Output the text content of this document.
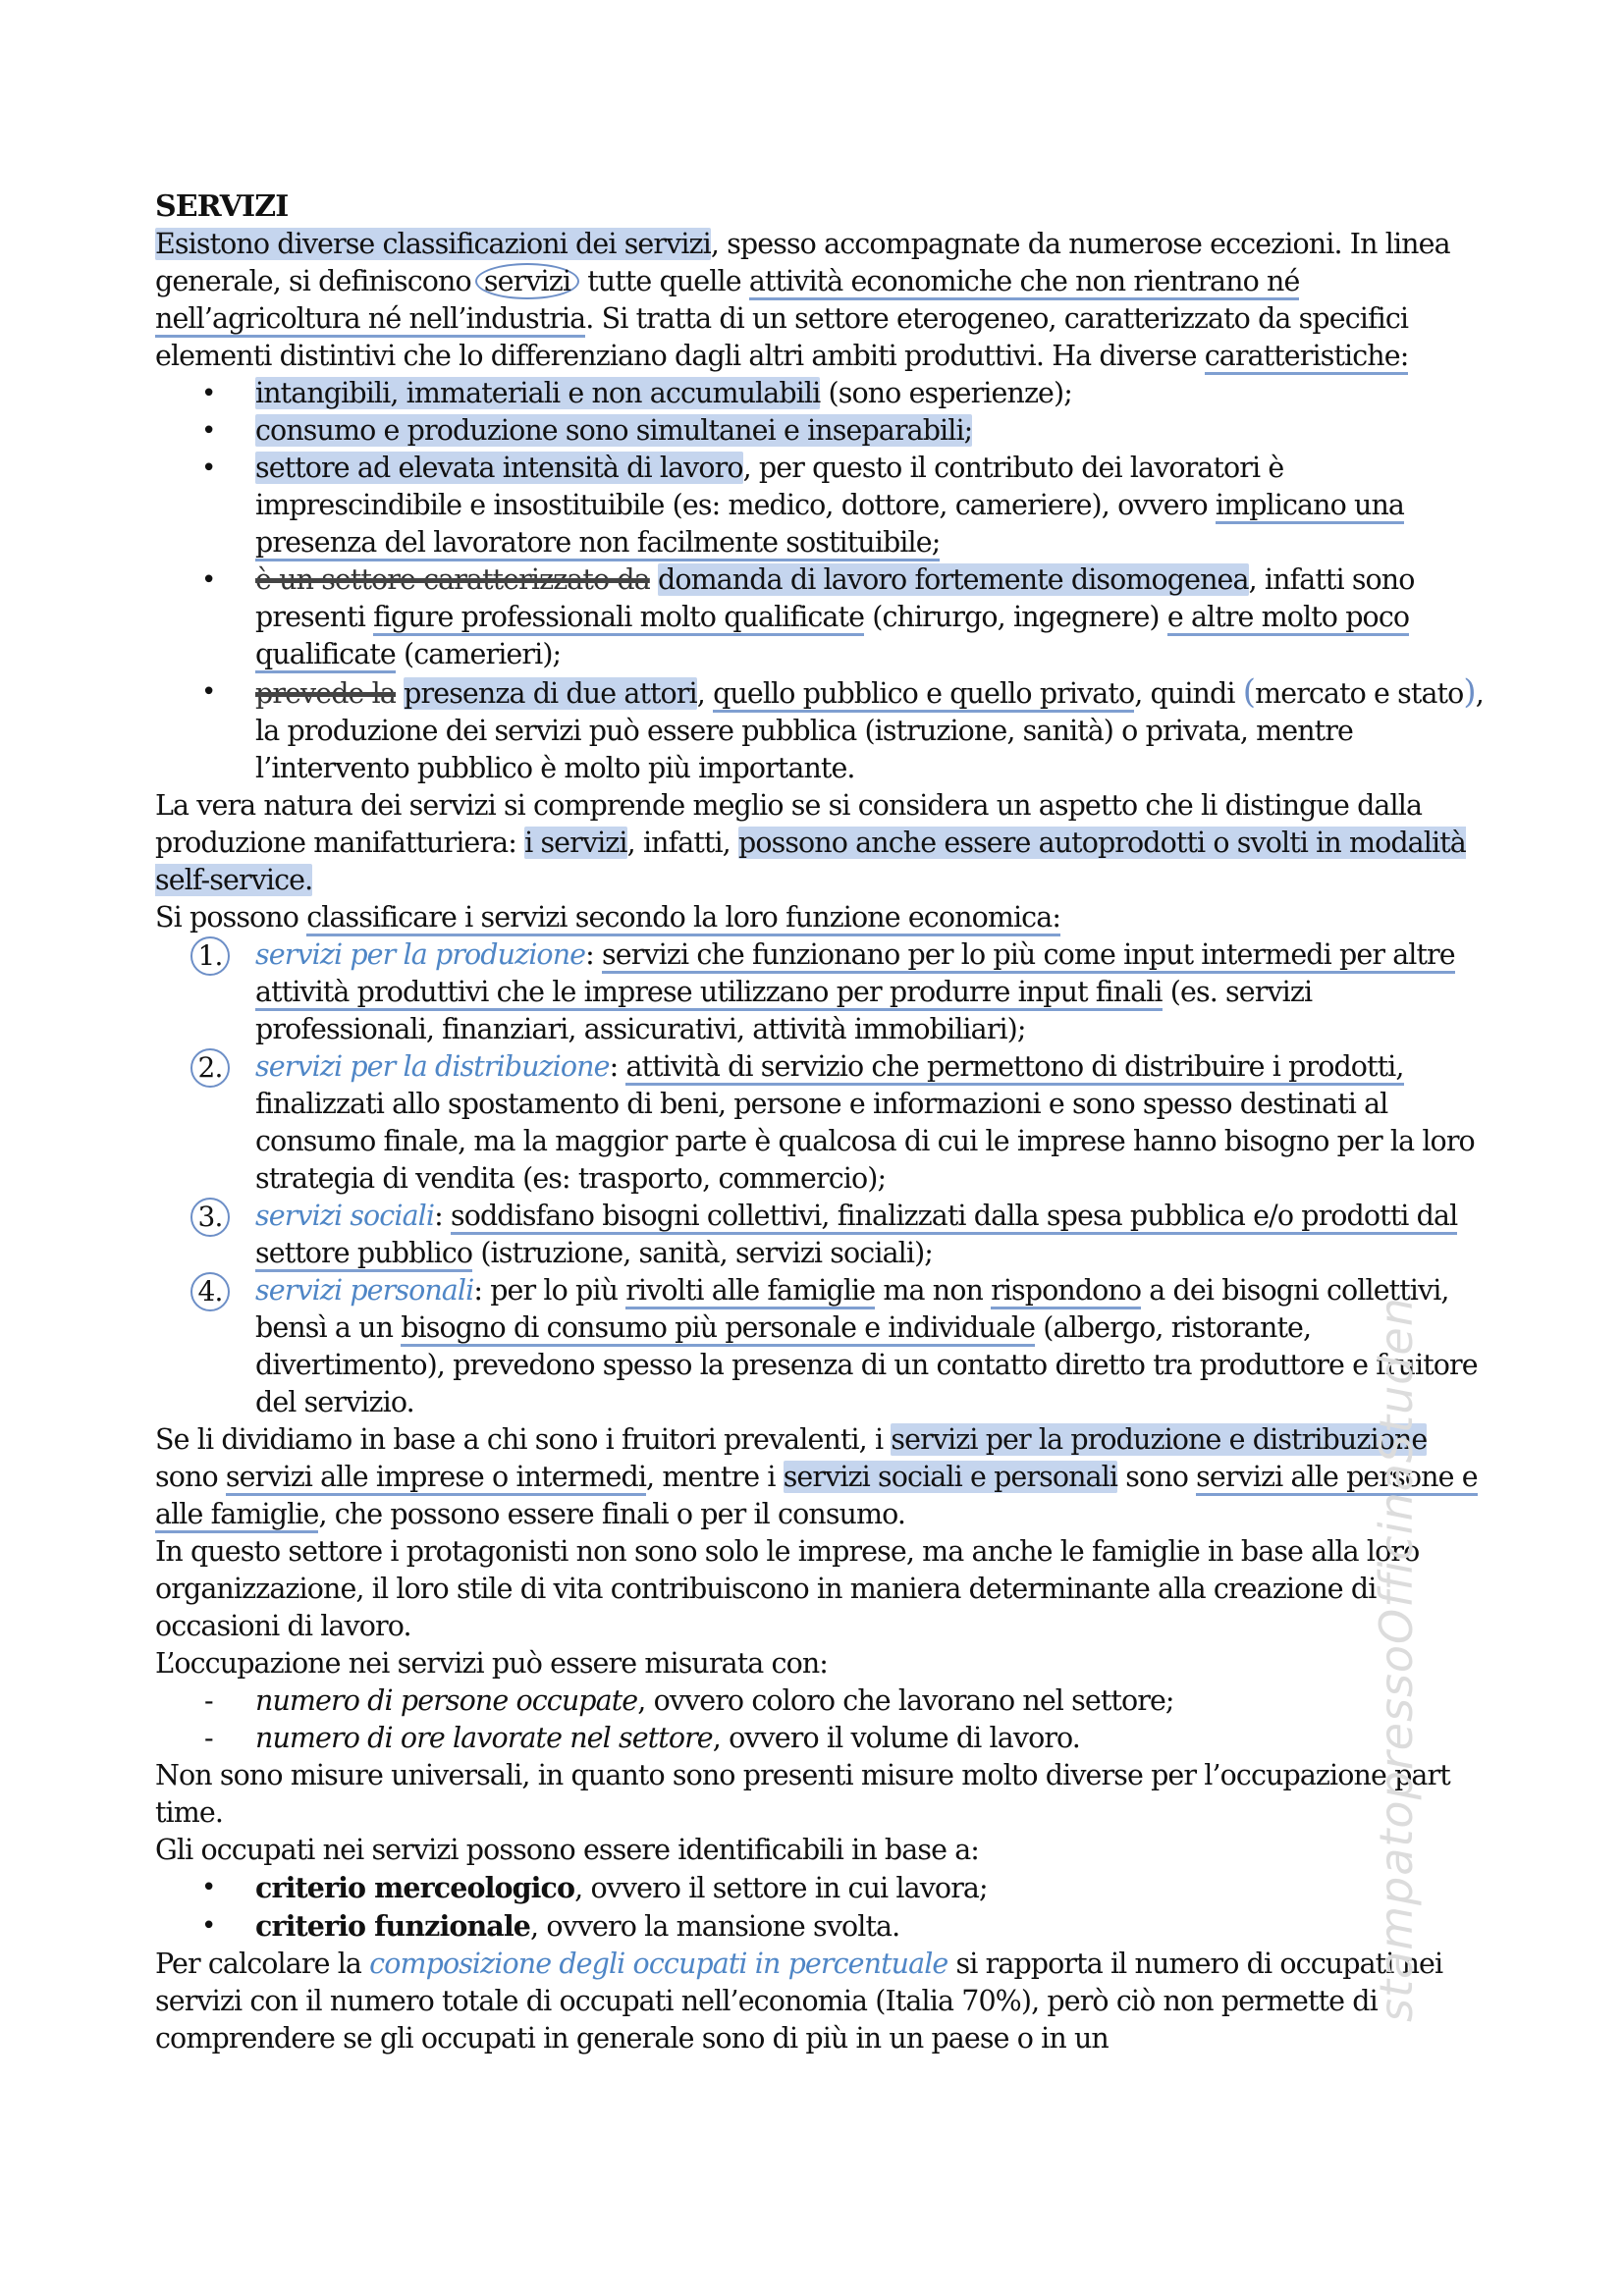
SERVIZI

Esistono diverse classificazioni dei servizi, spesso accompagnate da numerose eccezioni. In linea generale, si definiscono servizi tutte quelle attività economiche che non rientrano né nell’agricoltura né nell’industria. Si tratta di un settore eterogeneo, caratterizzato da specifici elementi distintivi che lo differenziano dagli altri ambiti produttivi. Ha diverse caratteristiche:

• intangibili, immateriali e non accumulabili (sono esperienze);
• consumo e produzione sono simultanei e inseparabili;
• settore ad elevata intensità di lavoro, per questo il contributo dei lavoratori è imprescindibile e insostituibile (es: medico, dottore, cameriere), ovvero implicano una presenza del lavoratore non facilmente sostituibile;
• è un settore caratterizzato da domanda di lavoro fortemente disomogenea, infatti sono presenti figure professionali molto qualificate (chirurgo, ingegnere) e altre molto poco qualificate (camerieri);
• prevede la presenza di due attori, quello pubblico e quello privato, quindi (mercato e stato), la produzione dei servizi può essere pubblica (istruzione, sanità) o privata, mentre l’intervento pubblico è molto più importante.

La vera natura dei servizi si comprende meglio se si considera un aspetto che li distingue dalla produzione manifatturiera: i servizi, infatti, possono anche essere autoprodotti o svolti in modalità self-service.

Si possono classificare i servizi secondo la loro funzione economica:

1. servizi per la produzione: servizi che funzionano per lo più come input intermedi per altre attività produttivi che le imprese utilizzano per produrre input finali (es. servizi professionali, finanziari, assicurativi, attività immobiliari);
2. servizi per la distribuzione: attività di servizio che permettono di distribuire i prodotti, finalizzati allo spostamento di beni, persone e informazioni e sono spesso destinati al consumo finale, ma la maggior parte è qualcosa di cui le imprese hanno bisogno per la loro strategia di vendita (es: trasporto, commercio);
3. servizi sociali: soddisfano bisogni collettivi, finalizzati dalla spesa pubblica e/o prodotti dal settore pubblico (istruzione, sanità, servizi sociali);
4. servizi personali: per lo più rivolti alle famiglie ma non rispondono a dei bisogni collettivi, bensì a un bisogno di consumo più personale e individuale (albergo, ristorante, divertimento), prevedono spesso la presenza di un contatto diretto tra produttore e fruitore del servizio.

Se li dividiamo in base a chi sono i fruitori prevalenti, i servizi per la produzione e distribuzione sono servizi alle imprese o intermedi, mentre i servizi sociali e personali sono servizi alle persone e alle famiglie, che possono essere finali o per il consumo.

In questo settore i protagonisti non sono solo le imprese, ma anche le famiglie in base alla loro organizzazione, il loro stile di vita contribuiscono in maniera determinante alla creazione di occasioni di lavoro.

L’occupazione nei servizi può essere misurata con:

- numero di persone occupate, ovvero coloro che lavorano nel settore;
- numero di ore lavorate nel settore, ovvero il volume di lavoro.

Non sono misure universali, in quanto sono presenti misure molto diverse per l’occupazione part time.

Gli occupati nei servizi possono essere identificabili in base a:

• criterio merceologico, ovvero il settore in cui lavora;
• criterio funzionale, ovvero la mansione svolta.

Per calcolare la composizione degli occupati in percentuale si rapporta il numero di occupati nei servizi con il numero totale di occupati nell’economia (Italia 70%), però ciò non permette di comprendere se gli occupati in generale sono di più in un paese o in un

stampatopressoOfficinaStuden
